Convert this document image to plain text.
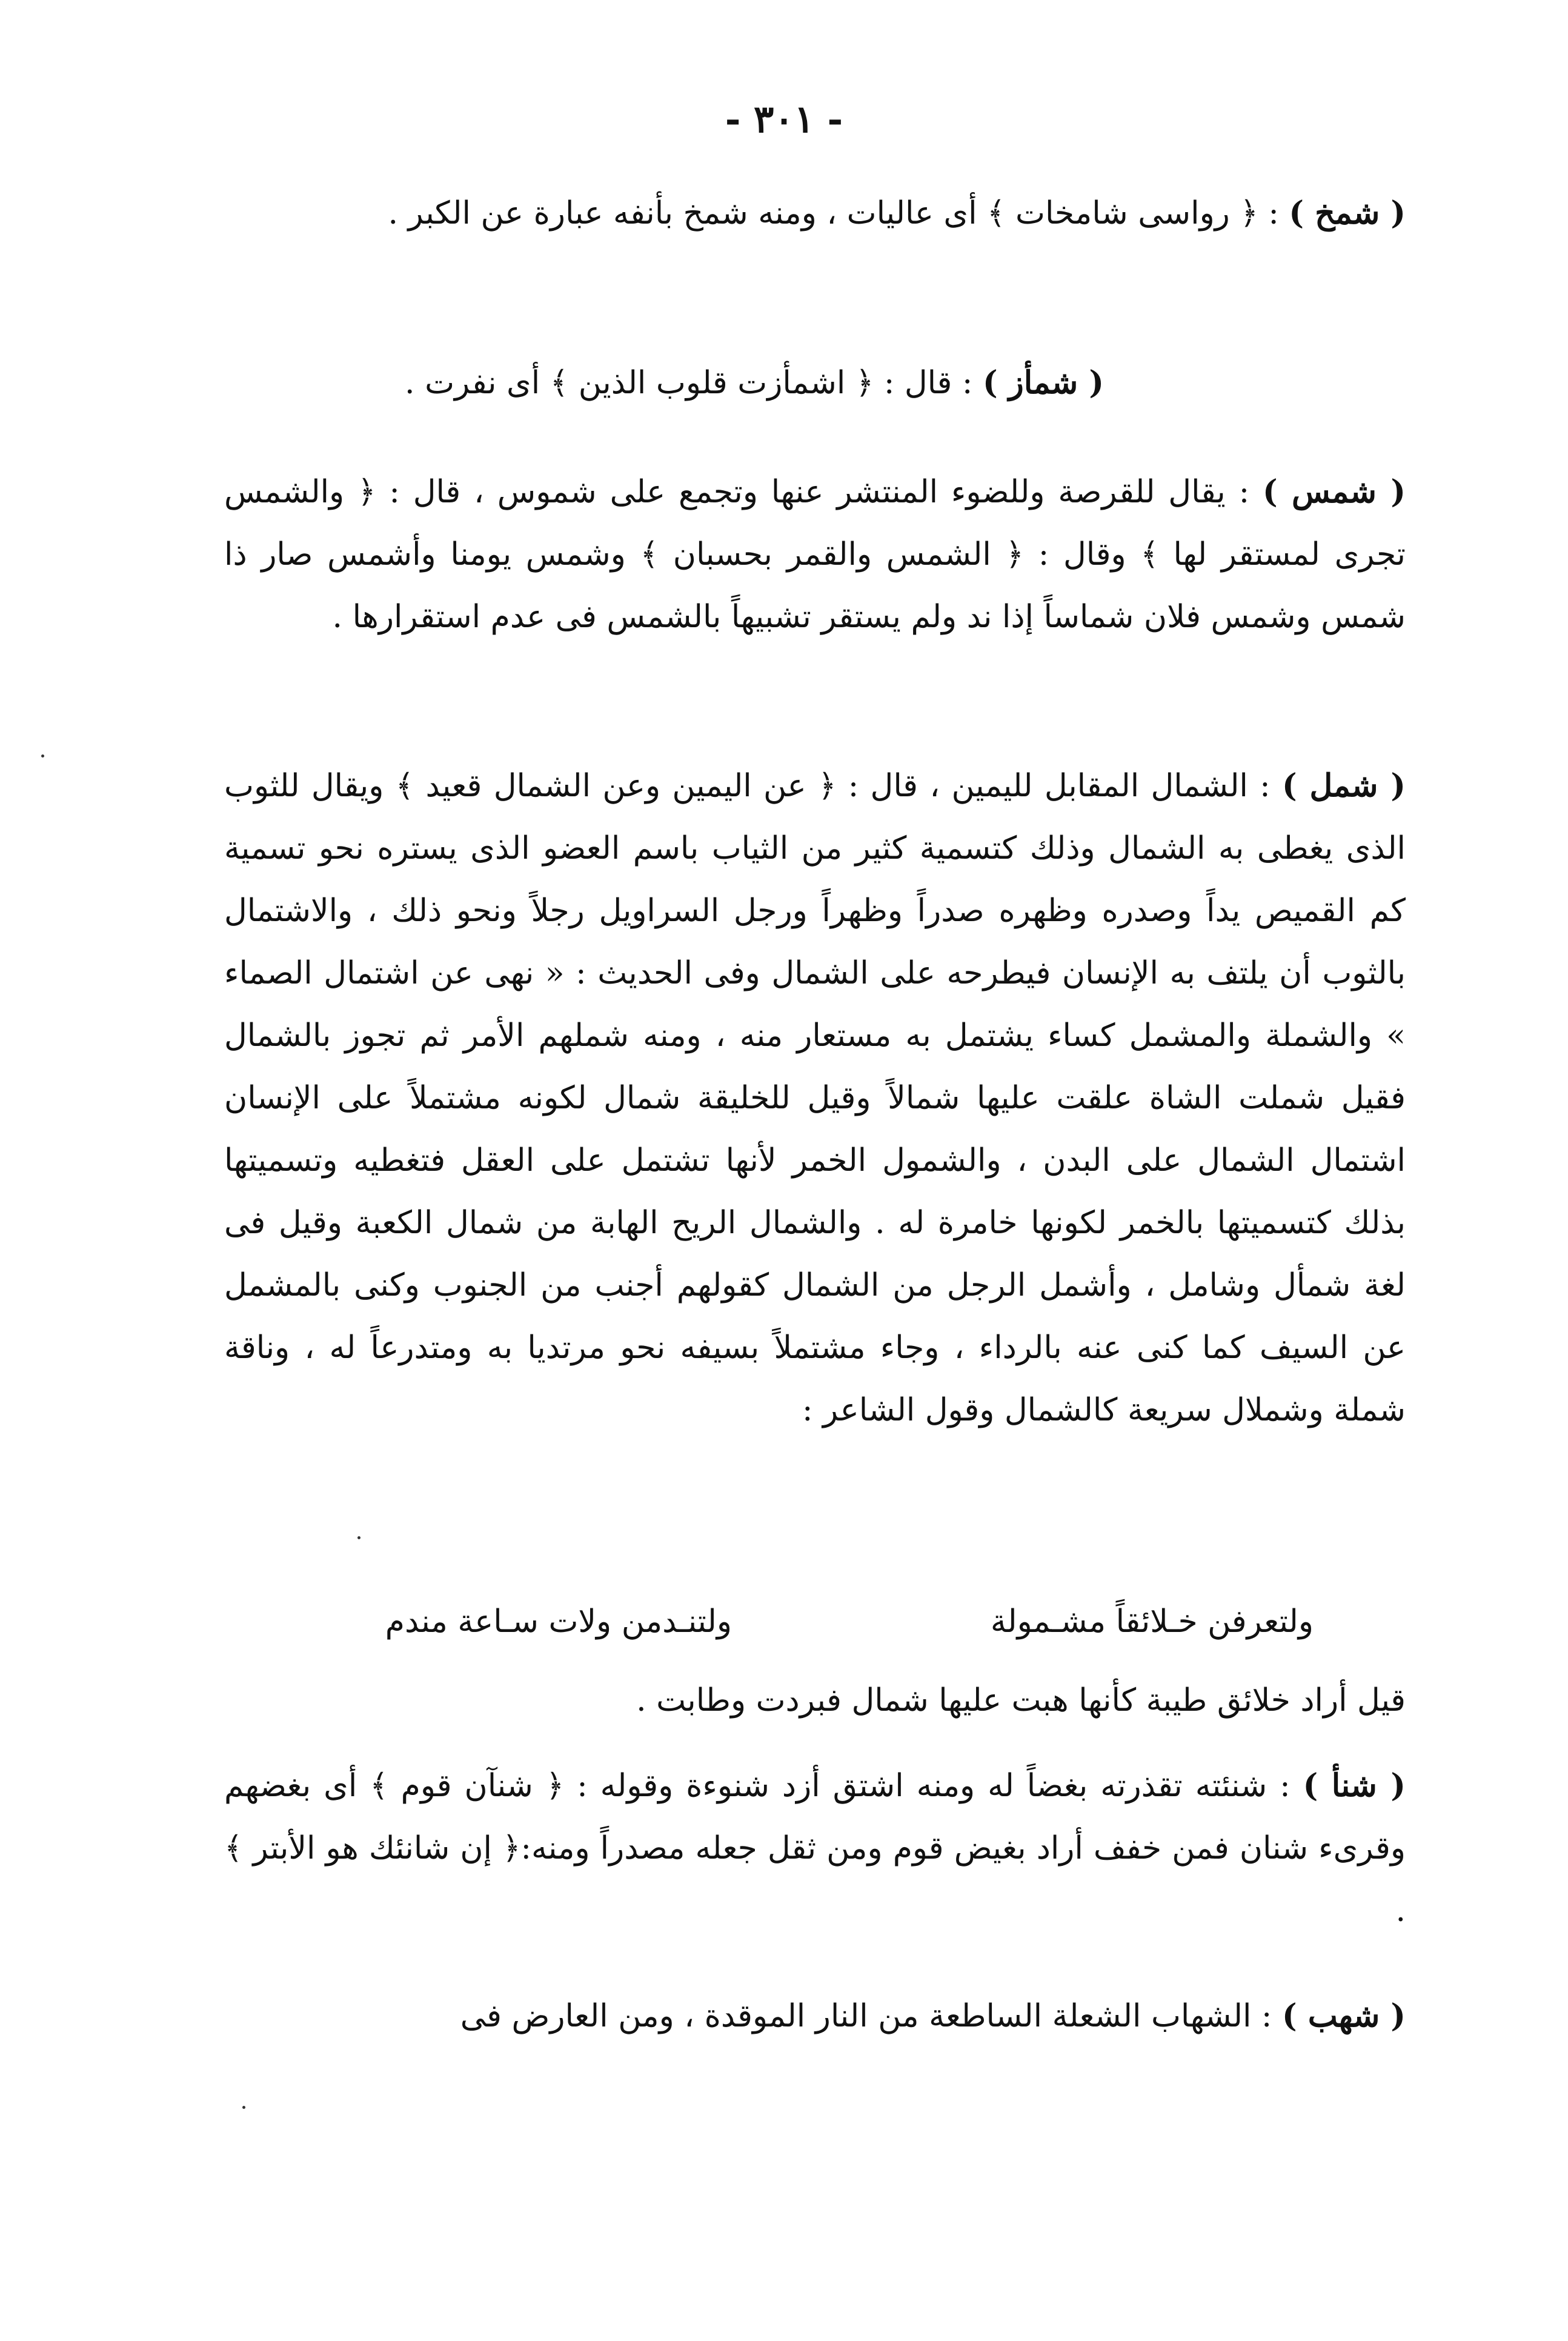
- ٣٠١ -

( شمخ ) : ﴿ رواسى شامخات ﴾ أى عاليات ، ومنه شمخ بأنفه عبارة عن الكبر .

( شمأز ) : قال : ﴿ اشمأزت قلوب الذين ﴾ أى نفرت .

( شمس ) : يقال للقرصة وللضوء المنتشر عنها وتجمع على شموس ، قال : ﴿ والشمس تجرى لمستقر لها ﴾ وقال : ﴿ الشمس والقمر بحسبان ﴾ وشمس يومنا وأشمس صار ذا شمس وشمس فلان شماساً إذا ند ولم يستقر تشبيهاً بالشمس فى عدم استقرارها .

( شمل ) : الشمال المقابل لليمين ، قال : ﴿ عن اليمين وعن الشمال قعيد ﴾ ويقال للثوب الذى يغطى به الشمال وذلك كتسمية كثير من الثياب باسم العضو الذى يستره نحو تسمية كم القميص يداً وصدره وظهره صدراً وظهراً ورجل السراويل رجلاً ونحو ذلك ، والاشتمال بالثوب أن يلتف به الإنسان فيطرحه على الشمال وفى الحديث : « نهى عن اشتمال الصماء » والشملة والمشمل كساء يشتمل به مستعار منه ، ومنه شملهم الأمر ثم تجوز بالشمال فقيل شملت الشاة علقت عليها شمالاً وقيل للخليقة شمال لكونه مشتملاً على الإنسان اشتمال الشمال على البدن ، والشمول الخمر لأنها تشتمل على العقل فتغطيه وتسميتها بذلك كتسميتها بالخمر لكونها خامرة له . والشمال الريح الهابة من شمال الكعبة وقيل فى لغة شمأل وشامل ، وأشمل الرجل من الشمال كقولهم أجنب من الجنوب وكنى بالمشمل عن السيف كما كنى عنه بالرداء ، وجاء مشتملاً بسيفه نحو مرتديا به ومتدرعاً له ، وناقة شملة وشملال سريعة كالشمال وقول الشاعر :

ولتعرفن خـلائقاً مشـمولة
ولتنـدمن ولات سـاعة مندم
قيل أراد خلائق طيبة كأنها هبت عليها شمال فبردت وطابت .

( شنأ ) : شنئته تقذرته بغضاً له ومنه اشتق أزد شنوءة وقوله : ﴿ شنآن قوم ﴾ أى بغضهم وقرىء شنان فمن خفف أراد بغيض قوم ومن ثقل جعله مصدراً ومنه:﴿ إن شانئك هو الأبتر ﴾ .

( شهب ) : الشهاب الشعلة الساطعة من النار الموقدة ، ومن العارض فى
